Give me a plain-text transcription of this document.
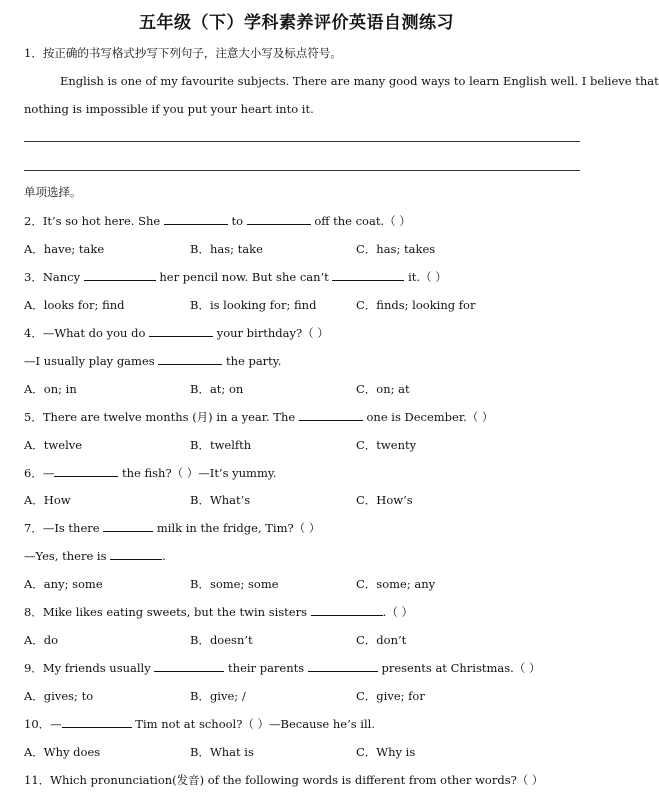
五年级（下）学科素养评价英语自测练习
1．按正确的书写格式抄写下列句子，注意大小写及标点符号。
English is one of my favourite subjects. There are many good ways to learn English well. I believe that
nothing is impossible if you put your heart into it.
单项选择。
2．It’s so hot here. She	to	off the coat.（ ）
A．have; take	B．has; take	C．has; takes
3．Nancy	her pencil now. But she can’t	it.（ ）
A．looks for; find	B．is looking for; find	C．finds; looking for
4．—What do you do	your birthday?（ ）
—I usually play games	the party.
A．on; in	B．at; on	C．on; at
5．There are twelve months (月) in a year. The	one is December.（ ）
A．twelve	B．twelfth	C．twenty
6．—	the fish?（ ）—It’s yummy.
A．How	B．What’s	C．How’s
7．—Is there	milk in the fridge, Tim?（ ）
—Yes, there is	.
A．any; some	B．some; some	C．some; any
8．Mike likes eating sweets, but the twin sisters	.（ ）
A．do	B．doesn’t	C．don’t
9．My friends usually	their parents	presents at Christmas.（ ）
A．gives; to	B．give; /	C．give; for
10．—	Tim not at school?（ ）—Because he’s ill.
A．Why does	B．What is	C．Why is
11．Which pronunciation(发音) of the following words is different from other words?（ ）
